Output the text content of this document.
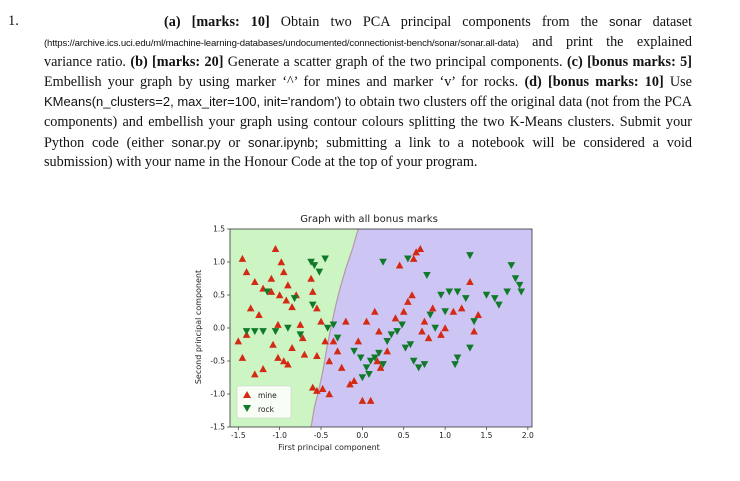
1.	(a) [marks: 10] Obtain two PCA principal components from the sonar dataset (https://archive.ics.uci.edu/ml/machine-learning-databases/undocumented/connectionist-bench/sonar/sonar.all-data) and print the explained variance ratio. (b) [marks: 20] Generate a scatter graph of the two principal components. (c) [bonus marks: 5] Embellish your graph by using marker ‘^’ for mines and marker ‘v’ for rocks. (d) [bonus marks: 10] Use KMeans(n_clusters=2, max_iter=100, init='random') to obtain two clusters off the original data (not from the PCA components) and embellish your graph using contour colours splitting the two K-Means clusters. Submit your Python code (either sonar.py or sonar.ipynb; submitting a link to a notebook will be considered a void submission) with your name in the Honour Code at the top of your program.
Graph with all bonus marks
First principal component
Second principal component
-1.5	-1.0	-0.5	0.0	0.5	1.0	1.5	2.0
1.5
1.0
0.5
0.0
-0.5
-1.0
-1.5
mine
rock
